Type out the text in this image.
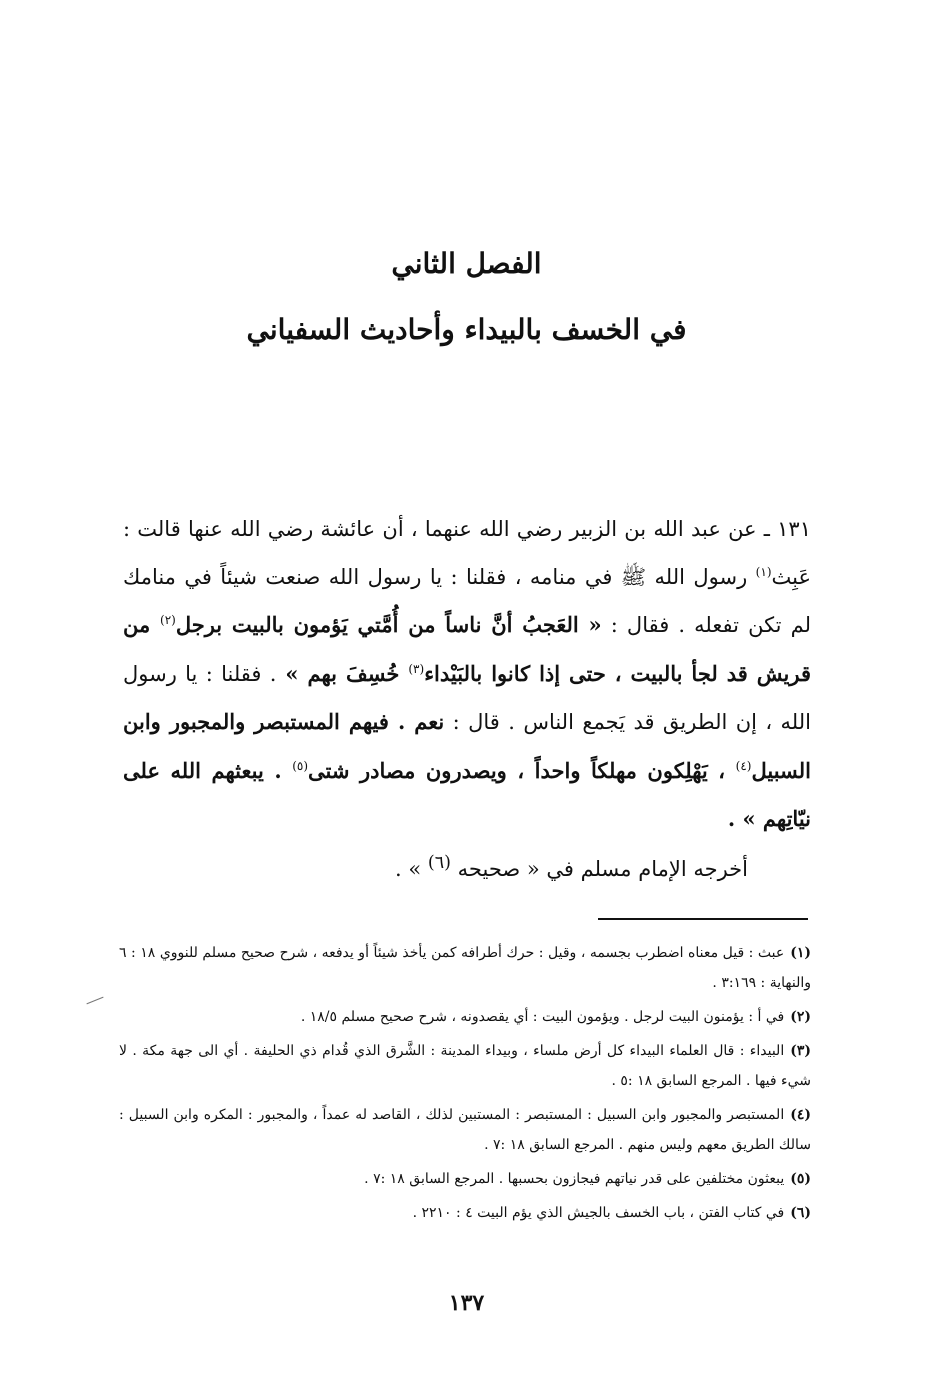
الفصل الثاني
في الخسف بالبيداء وأحاديث السفياني

١٣١ ـ عن عبد الله بن الزبير رضي الله عنهما ، أن عائشة رضي الله عنها قالت : عَبِث$^{(١)}$ رسول الله ﷺ في منامه ، فقلنا : يا رسول الله صنعت شيئاً في منامك لم تكن تفعله . فقال : « العَجبُ أنَّ ناساً من أُمَّتي يَؤمون بالبيت برجل$^{(٢)}$ من قريش قد لجأ بالبيت ، حتى إذا كانوا بالبَيْداء$^{(٣)}$ خُسِفَ بهم » . فقلنا : يا رسول الله ، إن الطريق قد يَجمع الناس . قال : نعم . فيهم المستبصر والمجبور وابن السبيل$^{(٤)}$ ، يَهْلِكون مهلكاً واحداً ، ويصدرون مصادر شتى$^{(٥)}$ . يبعثهم الله على نيّاتِهم » .

أخرجه الإمام مسلم في « صحيحه $^{(٦)}$ » .

(١)عبث : قيل معناه اضطرب بجسمه ، وقيل : حرك أطرافه كمن يأخذ شيئاً أو يدفعه ، شرح صحيح مسلم للنووي ١٨ : ٦ والنهاية : ٣:١٦٩ .
(٢)في أ : يؤمنون البيت لرجل . ويؤمون البيت : أي يقصدونه ، شرح صحيح مسلم ١٨/٥ .
(٣)البيداء : قال العلماء البيداء كل أرض ملساء ، وبيداء المدينة : الشَّرق الذي قُدام ذي الحليفة . أي الى جهة مكة . لا شيء فيها . المرجع السابق ١٨ :٥ .
(٤)المستبصر والمجبور وابن السبيل : المستبصر : المستبين لذلك ، القاصد له عمداً ، والمجبور : المكره وابن السبيل : سالك الطريق معهم وليس منهم . المرجع السابق ١٨ :٧ .
(٥)يبعثون مختلفين على قدر نياتهم فيجازون بحسبها . المرجع السابق ١٨ :٧ .
(٦)في كتاب الفتن ، باب الخسف بالجيش الذي يؤم البيت ٤ : ٢٢١٠ .

١٣٧
